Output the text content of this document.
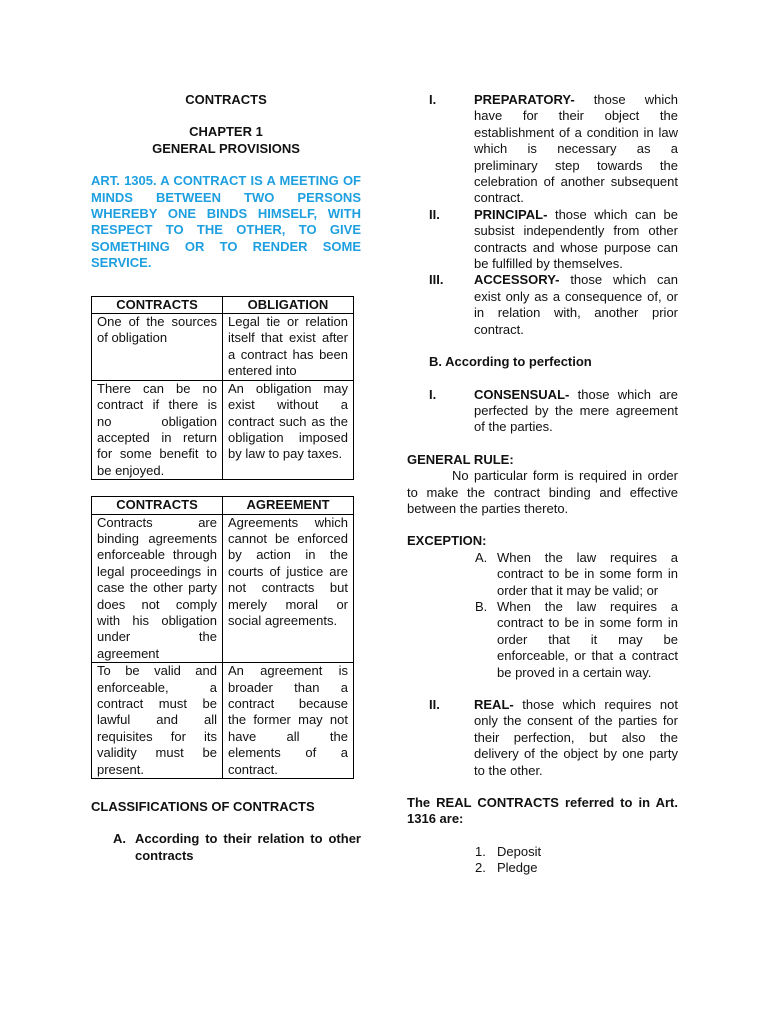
CONTRACTS
CHAPTER 1
GENERAL PROVISIONS
ART. 1305. A CONTRACT IS A MEETING OF MINDS BETWEEN TWO PERSONS WHEREBY ONE BINDS HIMSELF, WITH RESPECT TO THE OTHER, TO GIVE SOMETHING OR TO RENDER SOME SERVICE.
CONTRACTS	OBLIGATION
One of the sources of obligation	Legal tie or relation itself that exist after a contract has been entered into
There can be no contract if there is no obligation accepted in return for some benefit to be enjoyed.	An obligation may exist without a contract such as the obligation imposed by law to pay taxes.
CONTRACTS	AGREEMENT
Contracts are binding agreements enforceable through legal proceedings in case the other party does not comply with his obligation under the agreement	Agreements which cannot be enforced by action in the courts of justice are not contracts but merely moral or social agreements.
To be valid and enforceable, a contract must be lawful and all requisites for its validity must be present.	An agreement is broader than a contract because the former may not have all the elements of a contract.
CLASSIFICATIONS OF CONTRACTS
A. According to their relation to other contracts
I.	PREPARATORY- those which have for their object the establishment of a condition in law which is necessary as a preliminary step towards the celebration of another subsequent contract.
II.	PRINCIPAL- those which can be subsist independently from other contracts and whose purpose can be fulfilled by themselves.
III.	ACCESSORY- those which can exist only as a consequence of, or in relation with, another prior contract.
B. According to perfection
I.	CONSENSUAL- those which are perfected by the mere agreement of the parties.
GENERAL RULE:
No particular form is required in order to make the contract binding and effective between the parties thereto.
EXCEPTION:
A. When the law requires a contract to be in some form in order that it may be valid; or
B. When the law requires a contract to be in some form in order that it may be enforceable, or that a contract be proved in a certain way.
II.	REAL- those which requires not only the consent of the parties for their perfection, but also the delivery of the object by one party to the other.
The REAL CONTRACTS referred to in Art. 1316 are:
1. Deposit
2. Pledge
